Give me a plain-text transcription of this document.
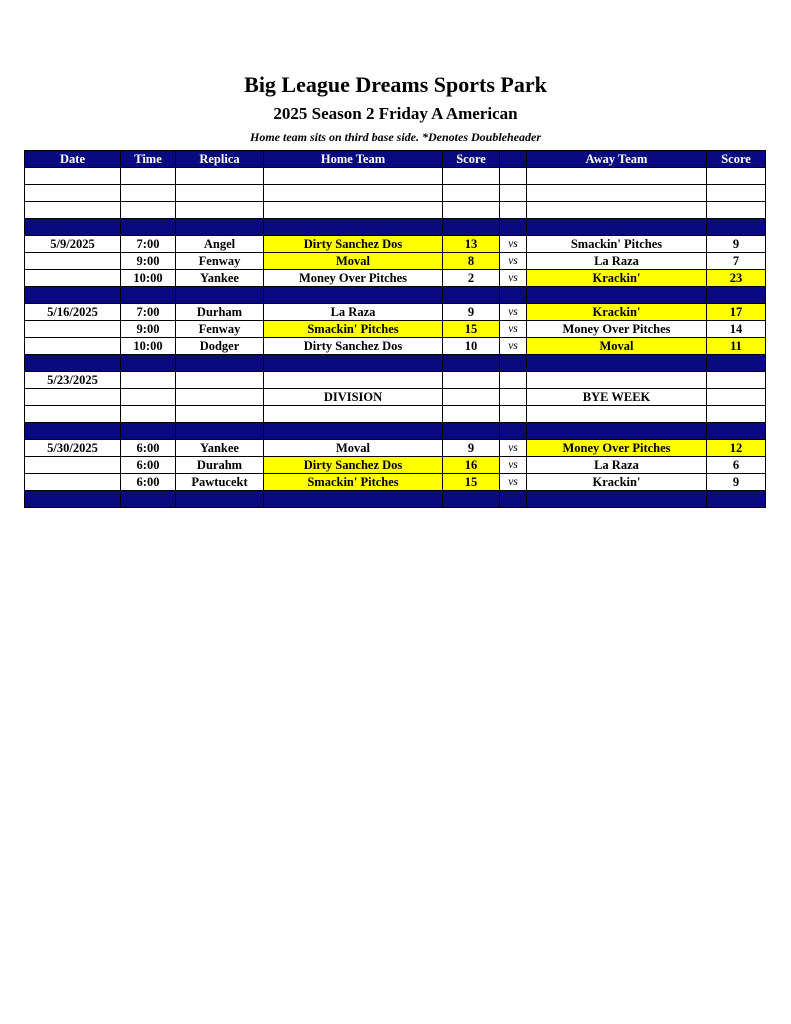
Big League Dreams Sports Park
2025 Season 2 Friday A American
Home team sits on third base side. *Denotes Doubleheader
Date	Time	Replica	Home Team	Score		Away Team	Score

5/9/2025	7:00	Angel	Dirty Sanchez Dos	13	vs	Smackin' Pitches	9
	9:00	Fenway	Moval	8	vs	La Raza	7
	10:00	Yankee	Money Over Pitches	2	vs	Krackin'	23

5/16/2025	7:00	Durham	La Raza	9	vs	Krackin'	17
	9:00	Fenway	Smackin' Pitches	15	vs	Money Over Pitches	14
	10:00	Dodger	Dirty Sanchez Dos	10	vs	Moval	11

5/23/2025							
			DIVISION			BYE WEEK	

5/30/2025	6:00	Yankee	Moval	9	vs	Money Over Pitches	12
	6:00	Durahm	Dirty Sanchez Dos	16	vs	La Raza	6
	6:00	Pawtucekt	Smackin' Pitches	15	vs	Krackin'	9
